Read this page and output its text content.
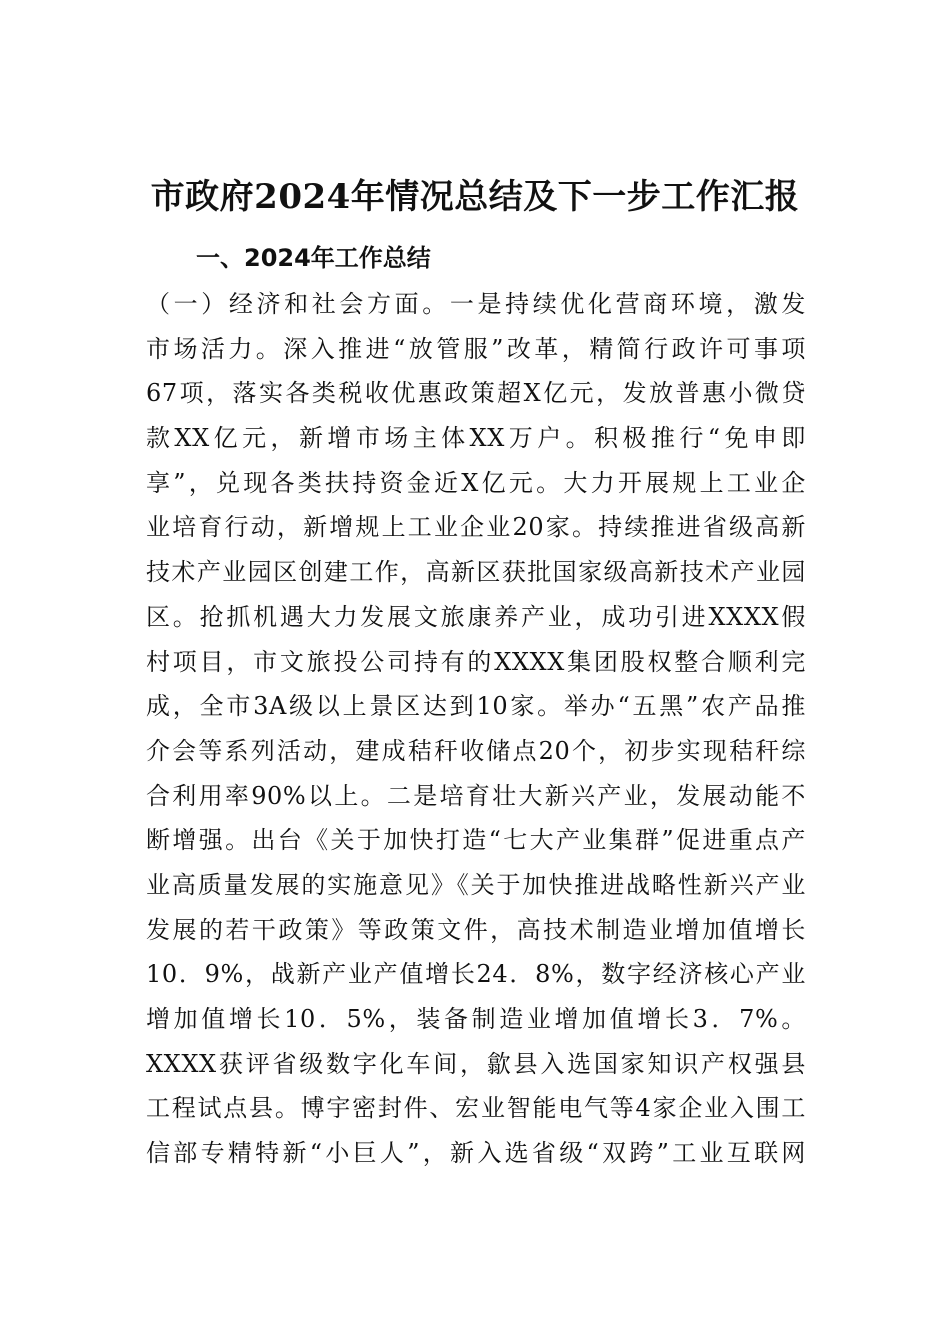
市政府2024年情况总结及下一步工作汇报
一、2024年工作总结
（一）经济和社会方面。一是持续优化营商环境，激发
市场活力。深入推进“放管服”改革，精简行政许可事项
67项，落实各类税收优惠政策超X亿元，发放普惠小微贷
款XX亿元，新增市场主体XX万户。积极推行“免申即
享”，兑现各类扶持资金近X亿元。大力开展规上工业企
业培育行动，新增规上工业企业20家。持续推进省级高新
技术产业园区创建工作，高新区获批国家级高新技术产业园
区。抢抓机遇大力发展文旅康养产业，成功引进XXXX假
村项目，市文旅投公司持有的XXXX集团股权整合顺利完
成，全市3A级以上景区达到10家。举办“五黑”农产品推
介会等系列活动，建成秸秆收储点20个，初步实现秸秆综
合利用率90%以上。二是培育壮大新兴产业，发展动能不
断增强。出台《关于加快打造“七大产业集群”促进重点产
业高质量发展的实施意见》《关于加快推进战略性新兴产业
发展的若干政策》等政策文件，高技术制造业增加值增长
10．9%，战新产业产值增长24．8%，数字经济核心产业
增加值增长10．5%，装备制造业增加值增长3．7%。
XXXX获评省级数字化车间，歙县入选国家知识产权强县
工程试点县。博宇密封件、宏业智能电气等4家企业入围工
信部专精特新“小巨人”，新入选省级“双跨”工业互联网
